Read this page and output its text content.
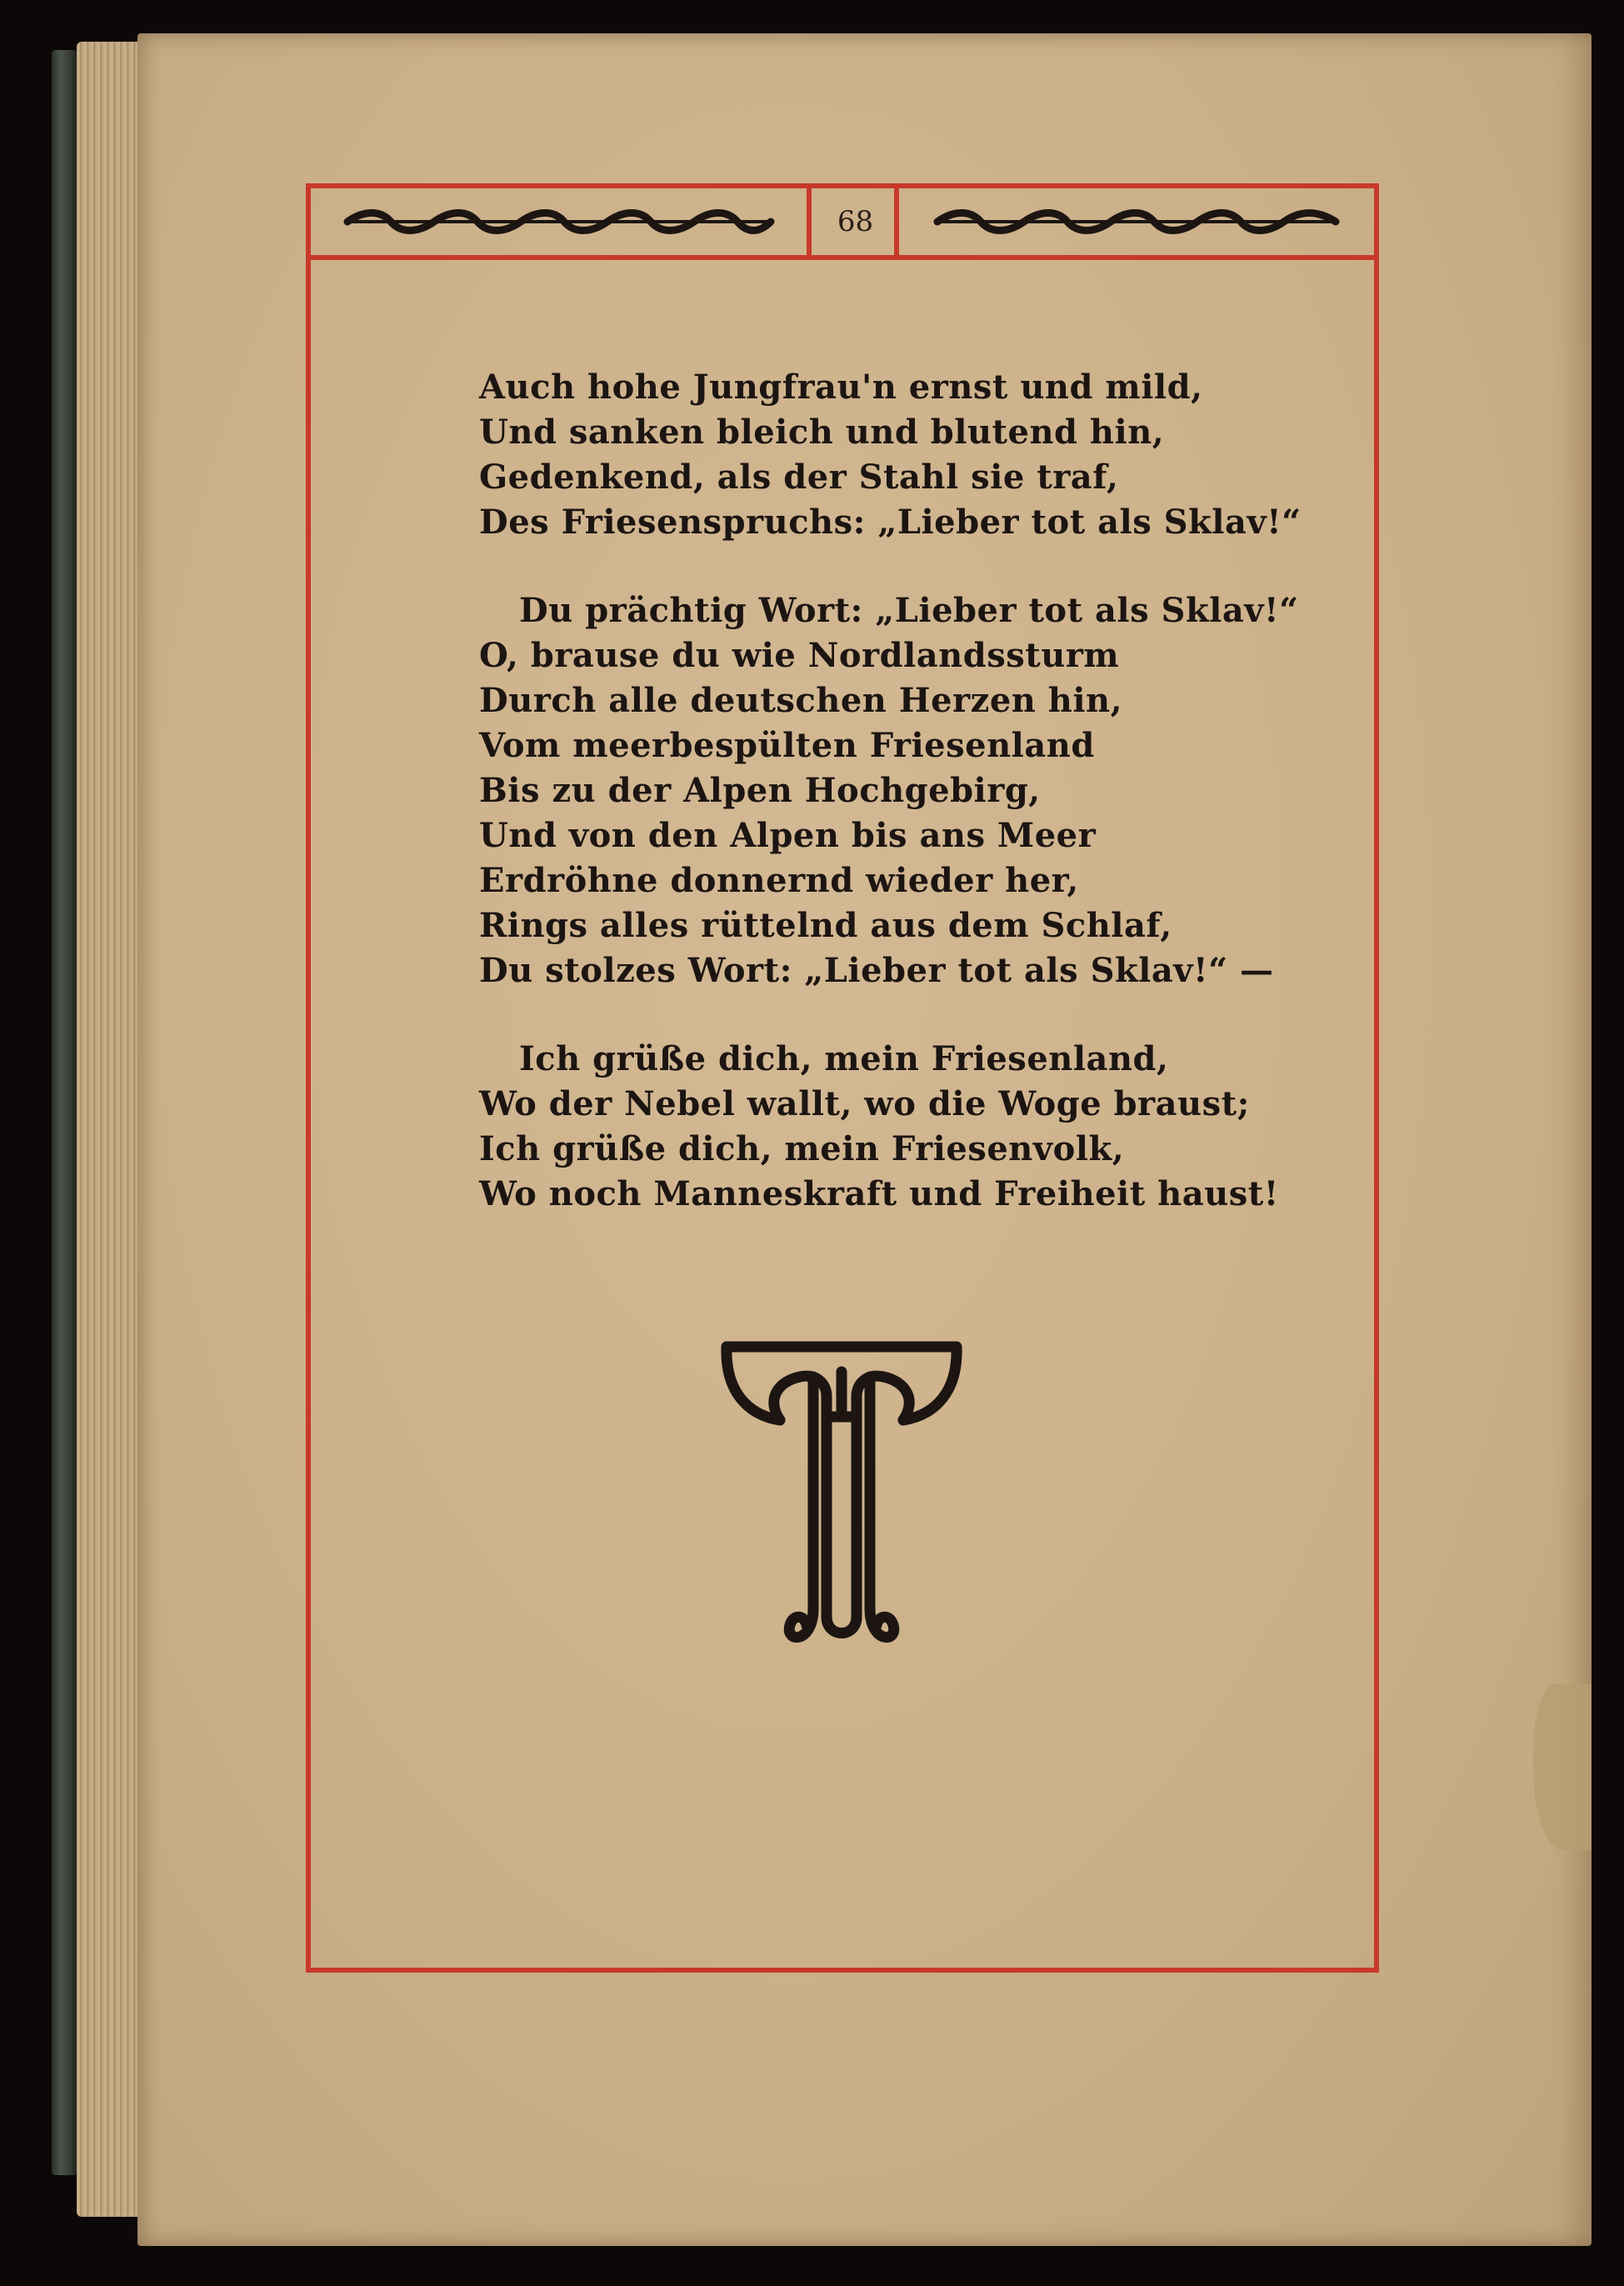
68
Auch hohe Jungfrau'n ernst und mild,
Und sanken bleich und blutend hin,
Gedenkend, als der Stahl sie traf,
Des Friesenspruchs: „Lieber tot als Sklav!“
Du prächtig Wort: „Lieber tot als Sklav!“
O, brause du wie Nordlandssturm
Durch alle deutschen Herzen hin,
Vom meerbespülten Friesenland
Bis zu der Alpen Hochgebirg,
Und von den Alpen bis ans Meer
Erdröhne donnernd wieder her,
Rings alles rüttelnd aus dem Schlaf,
Du stolzes Wort: „Lieber tot als Sklav!“ —
Ich grüße dich, mein Friesenland,
Wo der Nebel wallt, wo die Woge braust;
Ich grüße dich, mein Friesenvolk,
Wo noch Manneskraft und Freiheit haust!
